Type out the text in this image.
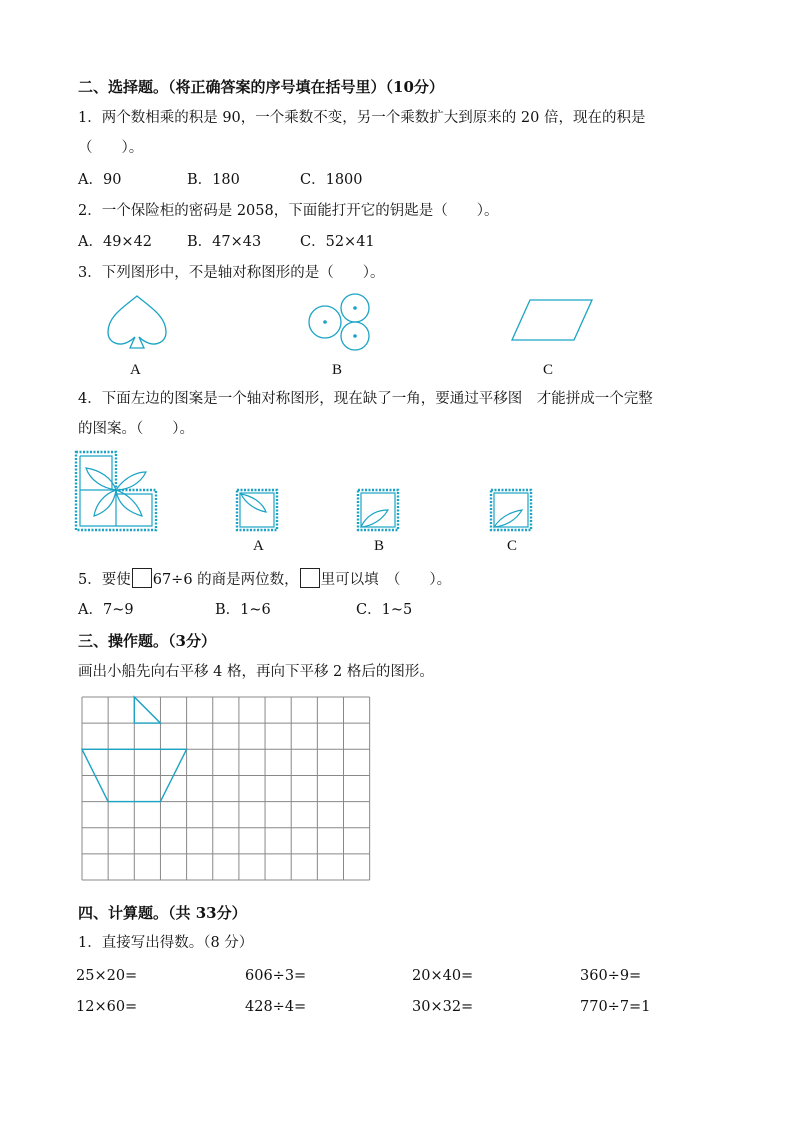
二、选择题。（将正确答案的序号填在括号里）（10分）
1．两个数相乘的积是 90，一个乘数不变，另一个乘数扩大到原来的 20 倍，现在的积是
（　　）。
A．90	B．180	C．1800
2．一个保险柜的密码是 2058，下面能打开它的钥匙是（　　）。
A．49×42 B．47×43	C．52×41
3．下列图形中，不是轴对称图形的是（　　）。
A	B	C
4．下面左边的图案是一个轴对称图形，现在缺了一角，要通过平移图　才能拼成一个完整
的图案。（　　）。
A	B	C
5．要使 67÷6 的商是两位数， 里可以填　（　　）。
A．7~9	B．1~6	C．1~5
三、操作题。（3分）
画出小船先向右平移 4 格，再向下平移 2 格后的图形。
四、计算题。（共 33分）
1．直接写出得数。（8 分）
25×20=	606÷3=	20×40=	360÷9=
12×60=	428÷4=	30×32=	770÷7=1
